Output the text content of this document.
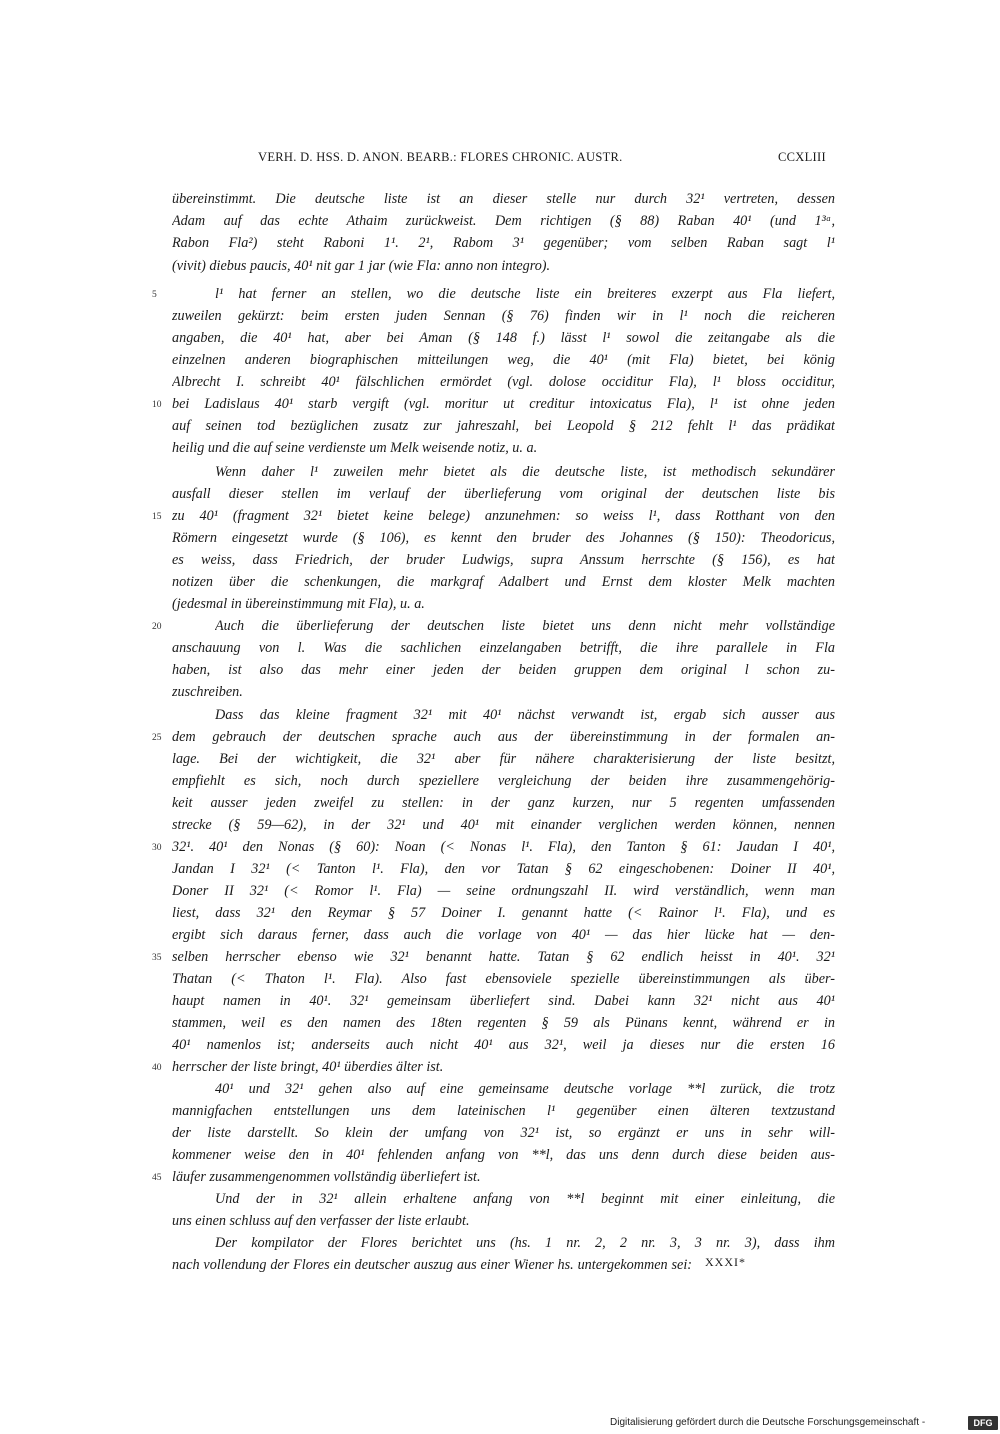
VERH. D. HSS. D. ANON. BEARB.: FLORES CHRONIC. AUSTR.	CCXLIII
übereinstimmt. Die deutsche liste ist an dieser stelle nur durch 32¹ vertreten, dessen
Adam auf das echte Athaim zurückweist. Dem richtigen (§ 88) Raban 40¹ (und 1³ᵃ,
Rabon Fla²) steht Raboni 1¹. 2¹, Rabom 3¹ gegenüber; vom selben Raban sagt l¹
(vivit) diebus paucis, 40¹ nit gar 1 jar (wie Fla: anno non integro).
l¹ hat ferner an stellen, wo die deutsche liste ein breiteres exzerpt aus Fla liefert,
zuweilen gekürzt: beim ersten juden Sennan (§ 76) finden wir in l¹ noch die reicheren
angaben, die 40¹ hat, aber bei Aman (§ 148 f.) lässt l¹ sowol die zeitangabe als die
einzelnen anderen biographischen mitteilungen weg, die 40¹ (mit Fla) bietet, bei könig
Albrecht I. schreibt 40¹ fälschlichen ermördet (vgl. dolose occiditur Fla), l¹ bloss occiditur,
bei Ladislaus 40¹ starb vergift (vgl. moritur ut creditur intoxicatus Fla), l¹ ist ohne jeden
auf seinen tod bezüglichen zusatz zur jahreszahl, bei Leopold § 212 fehlt l¹ das prädikat
heilig und die auf seine verdienste um Melk weisende notiz, u. a.
Wenn daher l¹ zuweilen mehr bietet als die deutsche liste, ist methodisch sekundärer
ausfall dieser stellen im verlauf der überlieferung vom original der deutschen liste bis
zu 40¹ (fragment 32¹ bietet keine belege) anzunehmen: so weiss l¹, dass Rotthant von den
Römern eingesetzt wurde (§ 106), es kennt den bruder des Johannes (§ 150): Theodoricus,
es weiss, dass Friedrich, der bruder Ludwigs, supra Anssum herrschte (§ 156), es hat
notizen über die schenkungen, die markgraf Adalbert und Ernst dem kloster Melk machten
(jedesmal in übereinstimmung mit Fla), u. a.
Auch die überlieferung der deutschen liste bietet uns denn nicht mehr vollständige
anschauung von l. Was die sachlichen einzelangaben betrifft, die ihre parallele in Fla
haben, ist also das mehr einer jeden der beiden gruppen dem original l schon zu-
zuschreiben.
Dass das kleine fragment 32¹ mit 40¹ nächst verwandt ist, ergab sich ausser aus
dem gebrauch der deutschen sprache auch aus der übereinstimmung in der formalen an-
lage. Bei der wichtigkeit, die 32¹ aber für nähere charakterisierung der liste besitzt,
empfiehlt es sich, noch durch speziellere vergleichung der beiden ihre zusammengehörig-
keit ausser jeden zweifel zu stellen: in der ganz kurzen, nur 5 regenten umfassenden
strecke (§ 59—62), in der 32¹ und 40¹ mit einander verglichen werden können, nennen
32¹. 40¹ den Nonas (§ 60): Noan (< Nonas l¹. Fla), den Tanton § 61: Jaudan I 40¹,
Jandan I 32¹ (< Tanton l¹. Fla), den vor Tatan § 62 eingeschobenen: Doiner II 40¹,
Doner II 32¹ (< Romor l¹. Fla) — seine ordnungszahl II. wird verständlich, wenn man
liest, dass 32¹ den Reymar § 57 Doiner I. genannt hatte (< Rainor l¹. Fla), und es
ergibt sich daraus ferner, dass auch die vorlage von 40¹ — das hier lücke hat — den-
selben herrscher ebenso wie 32¹ benannt hatte. Tatan § 62 endlich heisst in 40¹. 32¹
Thatan (< Thaton l¹. Fla). Also fast ebensoviele spezielle übereinstimmungen als über-
haupt namen in 40¹. 32¹ gemeinsam überliefert sind. Dabei kann 32¹ nicht aus 40¹
stammen, weil es den namen des 18ten regenten § 59 als Pünans kennt, während er in
40¹ namenlos ist; anderseits auch nicht 40¹ aus 32¹, weil ja dieses nur die ersten 16
herrscher der liste bringt, 40¹ überdies älter ist.
40¹ und 32¹ gehen also auf eine gemeinsame deutsche vorlage **l zurück, die trotz
mannigfachen entstellungen uns dem lateinischen l¹ gegenüber einen älteren textzustand
der liste darstellt. So klein der umfang von 32¹ ist, so ergänzt er uns in sehr will-
kommener weise den in 40¹ fehlenden anfang von **l, das uns denn durch diese beiden aus-
läufer zusammengenommen vollständig überliefert ist.
Und der in 32¹ allein erhaltene anfang von **l beginnt mit einer einleitung, die
uns einen schluss auf den verfasser der liste erlaubt.
Der kompilator der Flores berichtet uns (hs. 1 nr. 2, 2 nr. 3, 3 nr. 3), dass ihm
nach vollendung der Flores ein deutscher auszug aus einer Wiener hs. untergekommen sei:
5
10
15
20
25
30
35
40
45
XXXI*
Digitalisierung gefördert durch die Deutsche Forschungsgemeinschaft -	DFG
